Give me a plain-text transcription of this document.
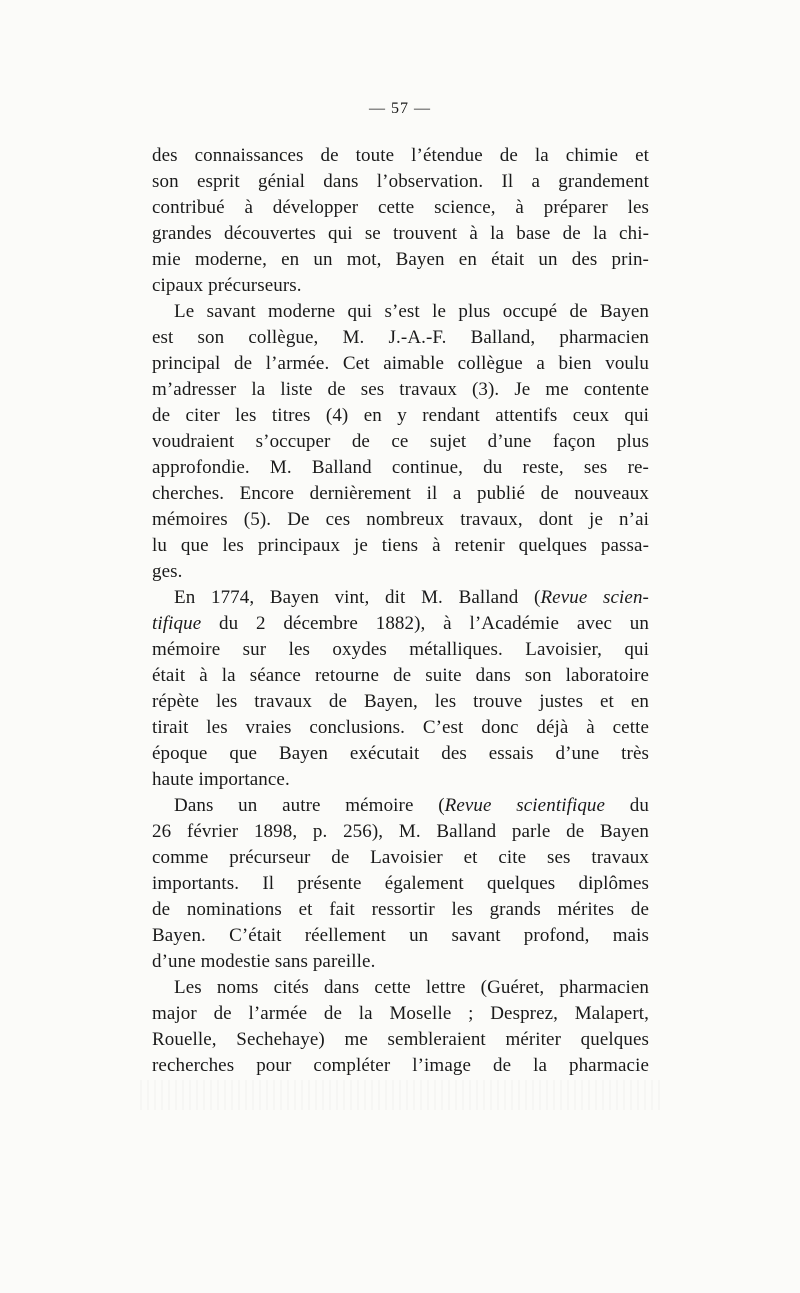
— 57 —
des connaissances de toute l’étendue de la chimie et
son esprit génial dans l’observation. Il a grandement
contribué à développer cette science, à préparer les
grandes découvertes qui se trouvent à la base de la chi-
mie moderne, en un mot, Bayen en était un des prin-
cipaux précurseurs.
Le savant moderne qui s’est le plus occupé de Bayen
est son collègue, M. J.-A.-F. Balland, pharmacien
principal de l’armée. Cet aimable collègue a bien voulu
m’adresser la liste de ses travaux (3). Je me contente
de citer les titres (4) en y rendant attentifs ceux qui
voudraient s’occuper de ce sujet d’une façon plus
approfondie. M. Balland continue, du reste, ses re-
cherches. Encore dernièrement il a publié de nouveaux
mémoires (5). De ces nombreux travaux, dont je n’ai
lu que les principaux je tiens à retenir quelques passa-
ges.
En 1774, Bayen vint, dit M. Balland (Revue scien-
tifique du 2 décembre 1882), à l’Académie avec un
mémoire sur les oxydes métalliques. Lavoisier, qui
était à la séance retourne de suite dans son laboratoire
répète les travaux de Bayen, les trouve justes et en
tirait les vraies conclusions. C’est donc déjà à cette
époque que Bayen exécutait des essais d’une très
haute importance.
Dans un autre mémoire (Revue scientifique du
26 février 1898, p. 256), M. Balland parle de Bayen
comme précurseur de Lavoisier et cite ses travaux
importants. Il présente également quelques diplômes
de nominations et fait ressortir les grands mérites de
Bayen. C’était réellement un savant profond, mais
d’une modestie sans pareille.
Les noms cités dans cette lettre (Guéret, pharmacien
major de l’armée de la Moselle ; Desprez, Malapert,
Rouelle, Sechehaye) me sembleraient mériter quelques
recherches pour compléter l’image de la pharmacie
